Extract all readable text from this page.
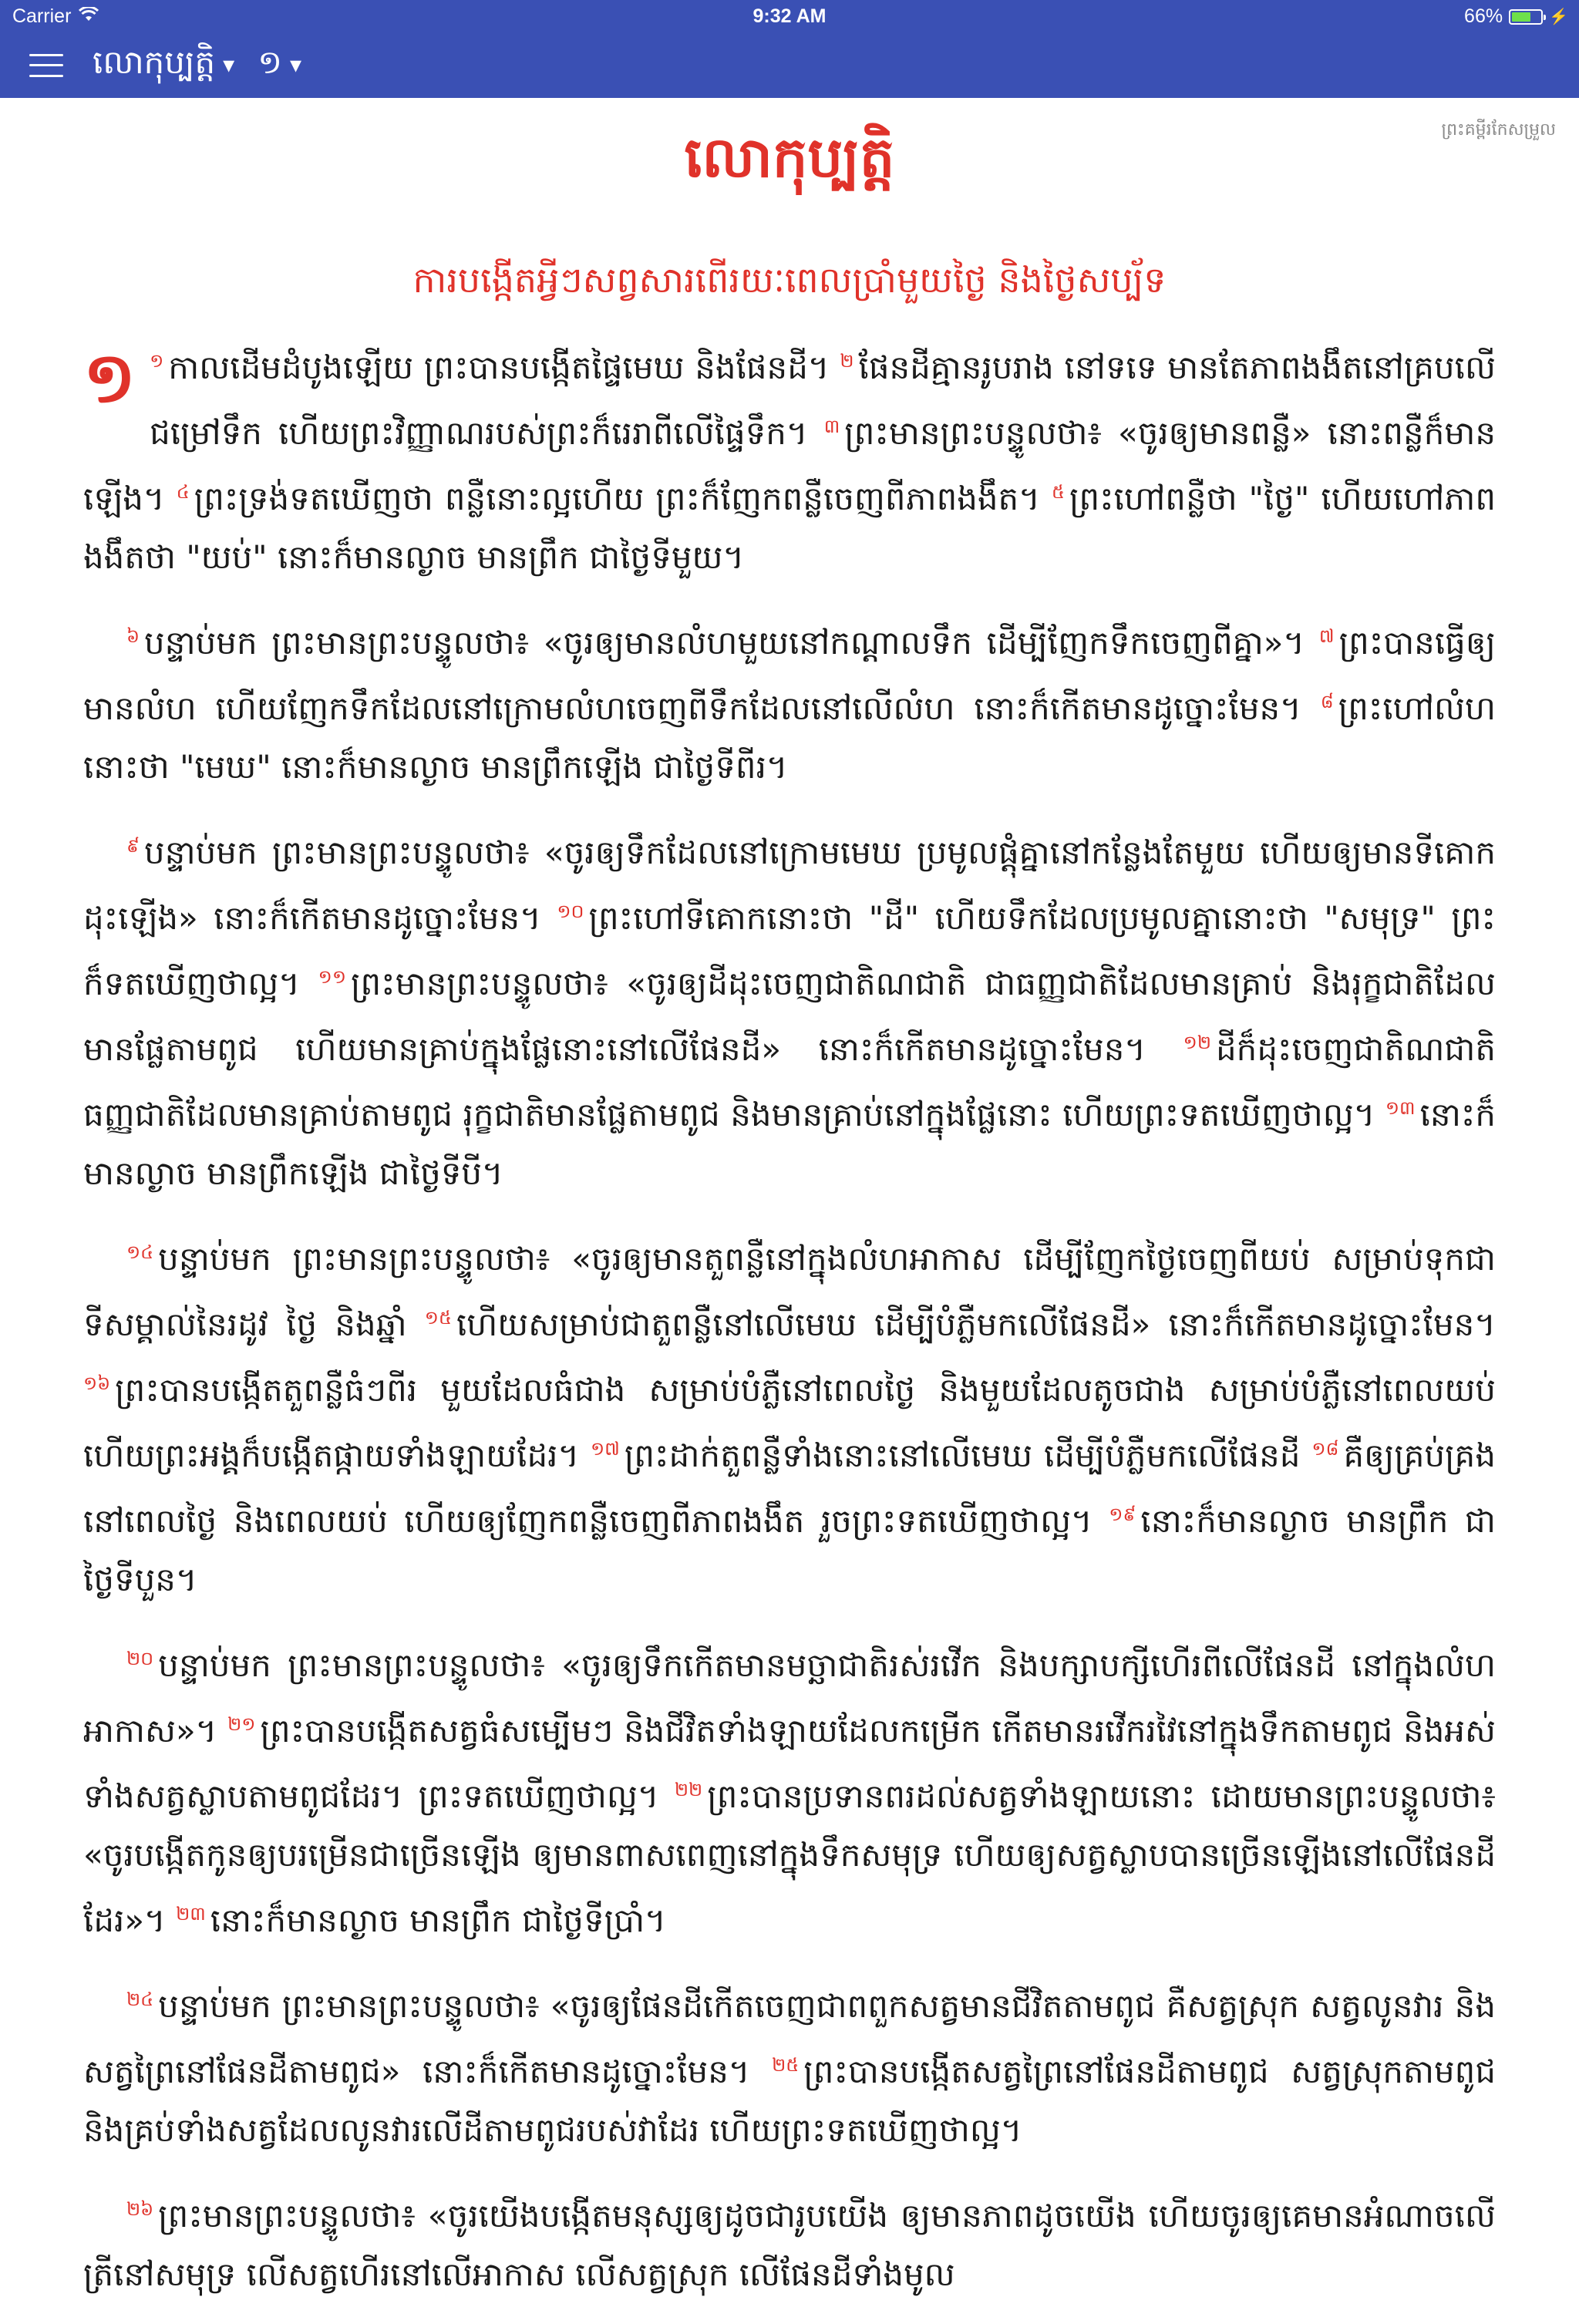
Carrier	9:32 AM	66%	⚡
លោកុប្បត្តិ ▾ ១ ▾
ព្រះគម្ពីរកែសម្រួល
លោកុប្បត្តិ
ការបង្កើតអ្វីៗសព្វសារពើរយៈពេលប្រាំមួយថ្ងៃ និងថ្ងៃសប្ប័ទ

១ $^១$ កាលដើមដំបូងឡើយ ព្រះបានបង្កើតផ្ទៃមេឃ និងផែនដី។ $^២$ ផែនដីគ្មានរូបរាង នៅទទេ មានតែភាពងងឹតនៅគ្របលើជម្រៅទឹក ហើយព្រះវិញ្ញាណរបស់ព្រះក៏រេរាពីលើផ្ទៃទឹក។ $^៣$ ព្រះមានព្រះបន្ទូលថា៖ «ចូរឲ្យមានពន្លឺ» នោះពន្លឺក៏មានឡើង។ $^៤$ ព្រះទ្រង់ទតឃើញថា ពន្លឺនោះល្អហើយ ព្រះក៏ញែកពន្លឺចេញពីភាពងងឹត។ $^៥$ ព្រះហៅពន្លឺថា "ថ្ងៃ" ហើយហៅភាពងងឹតថា "យប់" នោះក៏មានល្ងាច មានព្រឹក ជាថ្ងៃទីមួយ។

$^៦$ បន្ទាប់មក ព្រះមានព្រះបន្ទូលថា៖ «ចូរឲ្យមានលំហមួយនៅកណ្ដាលទឹក ដើម្បីញែកទឹកចេញពីគ្នា»។ $^៧$ ព្រះបានធ្វើឲ្យមានលំហ ហើយញែកទឹកដែលនៅក្រោមលំហចេញពីទឹកដែលនៅលើលំហ នោះក៏កើតមានដូច្នោះមែន។ $^៨$ ព្រះហៅលំហនោះថា "មេឃ" នោះក៏មានល្ងាច មានព្រឹកឡើង ជាថ្ងៃទីពីរ។

$^៩$ បន្ទាប់មក ព្រះមានព្រះបន្ទូលថា៖ «ចូរឲ្យទឹកដែលនៅក្រោមមេឃ ប្រមូលផ្ដុំគ្នានៅកន្លែងតែមួយ ហើយឲ្យមានទីគោកដុះឡើង» នោះក៏កើតមានដូច្នោះមែន។ $^{១០}$ ព្រះហៅទីគោកនោះថា "ដី" ហើយទឹកដែលប្រមូលគ្នានោះថា "សមុទ្រ" ព្រះក៏ទតឃើញថាល្អ។ $^{១១}$ ព្រះមានព្រះបន្ទូលថា៖ «ចូរឲ្យដីដុះចេញជាតិណជាតិ ជាធញ្ញជាតិដែលមានគ្រាប់ និងរុក្ខជាតិដែលមានផ្លែតាមពូជ ហើយមានគ្រាប់ក្នុងផ្លែនោះនៅលើផែនដី» នោះក៏កើតមានដូច្នោះមែន។ $^{១២}$ ដីក៏ដុះចេញជាតិណជាតិ ធញ្ញជាតិដែលមានគ្រាប់តាមពូជ រុក្ខជាតិមានផ្លែតាមពូជ និងមានគ្រាប់នៅក្នុងផ្លែនោះ ហើយព្រះទតឃើញថាល្អ។ $^{១៣}$ នោះក៏មានល្ងាច មានព្រឹកឡើង ជាថ្ងៃទីបី។

$^{១៤}$ បន្ទាប់មក ព្រះមានព្រះបន្ទូលថា៖ «ចូរឲ្យមានតួពន្លឺនៅក្នុងលំហអាកាស ដើម្បីញែកថ្ងៃចេញពីយប់ សម្រាប់ទុកជាទីសម្គាល់នៃរដូវ ថ្ងៃ និងឆ្នាំ $^{១៥}$ ហើយសម្រាប់ជាតួពន្លឺនៅលើមេឃ ដើម្បីបំភ្លឺមកលើផែនដី» នោះក៏កើតមានដូច្នោះមែន។ $^{១៦}$ ព្រះបានបង្កើតតួពន្លឺធំៗពីរ មួយដែលធំជាង សម្រាប់បំភ្លឺនៅពេលថ្ងៃ និងមួយដែលតូចជាង សម្រាប់បំភ្លឺនៅពេលយប់ ហើយព្រះអង្គក៏បង្កើតផ្កាយទាំងឡាយដែរ។ $^{១៧}$ ព្រះដាក់តួពន្លឺទាំងនោះនៅលើមេឃ ដើម្បីបំភ្លឺមកលើផែនដី $^{១៨}$ គឺឲ្យគ្រប់គ្រងនៅពេលថ្ងៃ និងពេលយប់ ហើយឲ្យញែកពន្លឺចេញពីភាពងងឹត រួចព្រះទតឃើញថាល្អ។ $^{១៩}$ នោះក៏មានល្ងាច មានព្រឹក ជាថ្ងៃទីបួន។

$^{២០}$ បន្ទាប់មក ព្រះមានព្រះបន្ទូលថា៖ «ចូរឲ្យទឹកកើតមានមច្ឆាជាតិរស់រវើក និងបក្សាបក្សីហើរពីលើផែនដី នៅក្នុងលំហអាកាស»។ $^{២១}$ ព្រះបានបង្កើតសត្វធំសម្បើមៗ និងជីវិតទាំងឡាយដែលកម្រើក កើតមានរវើករវៃនៅក្នុងទឹកតាមពូជ និងអស់ទាំងសត្វស្លាបតាមពូជដែរ។ ព្រះទតឃើញថាល្អ។ $^{២២}$ ព្រះបានប្រទានពរដល់សត្វទាំងឡាយនោះ ដោយមានព្រះបន្ទូលថា៖ «ចូរបង្កើតកូនឲ្យបរម្រើនជាច្រើនឡើង ឲ្យមានពាសពេញនៅក្នុងទឹកសមុទ្រ ហើយឲ្យសត្វស្លាបបានច្រើនឡើងនៅលើផែនដីដែរ»។ $^{២៣}$ នោះក៏មានល្ងាច មានព្រឹក ជាថ្ងៃទីប្រាំ។

$^{២៤}$ បន្ទាប់មក ព្រះមានព្រះបន្ទូលថា៖ «ចូរឲ្យផែនដីកើតចេញជាពពួកសត្វមានជីវិតតាមពូជ គឺសត្វស្រុក សត្វលូនវារ និងសត្វព្រៃនៅផែនដីតាមពូជ» នោះក៏កើតមានដូច្នោះមែន។ $^{២៥}$ ព្រះបានបង្កើតសត្វព្រៃនៅផែនដីតាមពូជ សត្វស្រុកតាមពូជ និងគ្រប់ទាំងសត្វដែលលូនវារលើដីតាមពូជរបស់វាដែរ ហើយព្រះទតឃើញថាល្អ។

$^{២៦}$ ព្រះមានព្រះបន្ទូលថា៖ «ចូរយើងបង្កើតមនុស្សឲ្យដូចជារូបយើង ឲ្យមានភាពដូចយើង ហើយចូរឲ្យគេមានអំណាចលើត្រីនៅសមុទ្រ លើសត្វហើរនៅលើអាកាស លើសត្វស្រុក លើផែនដីទាំងមូល
